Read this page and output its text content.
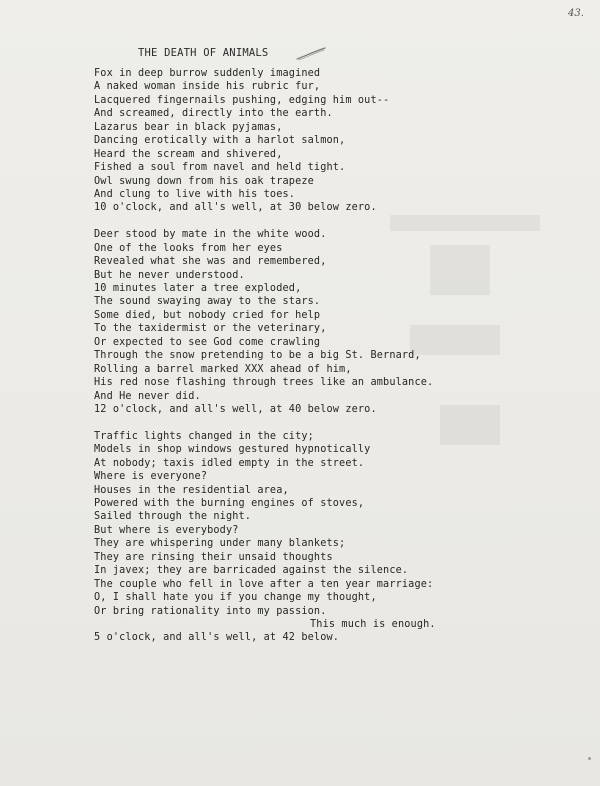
43.
THE DEATH OF ANIMALS
Fox in deep burrow suddenly imagined
A naked woman inside his rubric fur,
Lacquered fingernails pushing, edging him out--
And screamed, directly into the earth.
Lazarus bear in black pyjamas,
Dancing erotically with a harlot salmon,
Heard the scream and shivered,
Fished a soul from navel and held tight.
Owl swung down from his oak trapeze
And clung to live with his toes.
10 o'clock, and all's well, at 30 below zero.
Deer stood by mate in the white wood.
One of the looks from her eyes
Revealed what she was and remembered,
But he never understood.
10 minutes later a tree exploded,
The sound swaying away to the stars.
Some died, but nobody cried for help
To the taxidermist or the veterinary,
Or expected to see God come crawling
Through the snow pretending to be a big St. Bernard,
Rolling a barrel marked XXX ahead of him,
His red nose flashing through trees like an ambulance.
And He never did.
12 o'clock, and all's well, at 40 below zero.
Traffic lights changed in the city;
Models in shop windows gestured hypnotically
At nobody; taxis idled empty in the street.
Where is everyone?
Houses in the residential area,
Powered with the burning engines of stoves,
Sailed through the night.
But where is everybody?
They are whispering under many blankets;
They are rinsing their unsaid thoughts
In javex; they are barricaded against the silence.
The couple who fell in love after a ten year marriage:
O, I shall hate you if you change my thought,
Or bring rationality into my passion.
This much is enough.
5 o'clock, and all's well, at 42 below.
